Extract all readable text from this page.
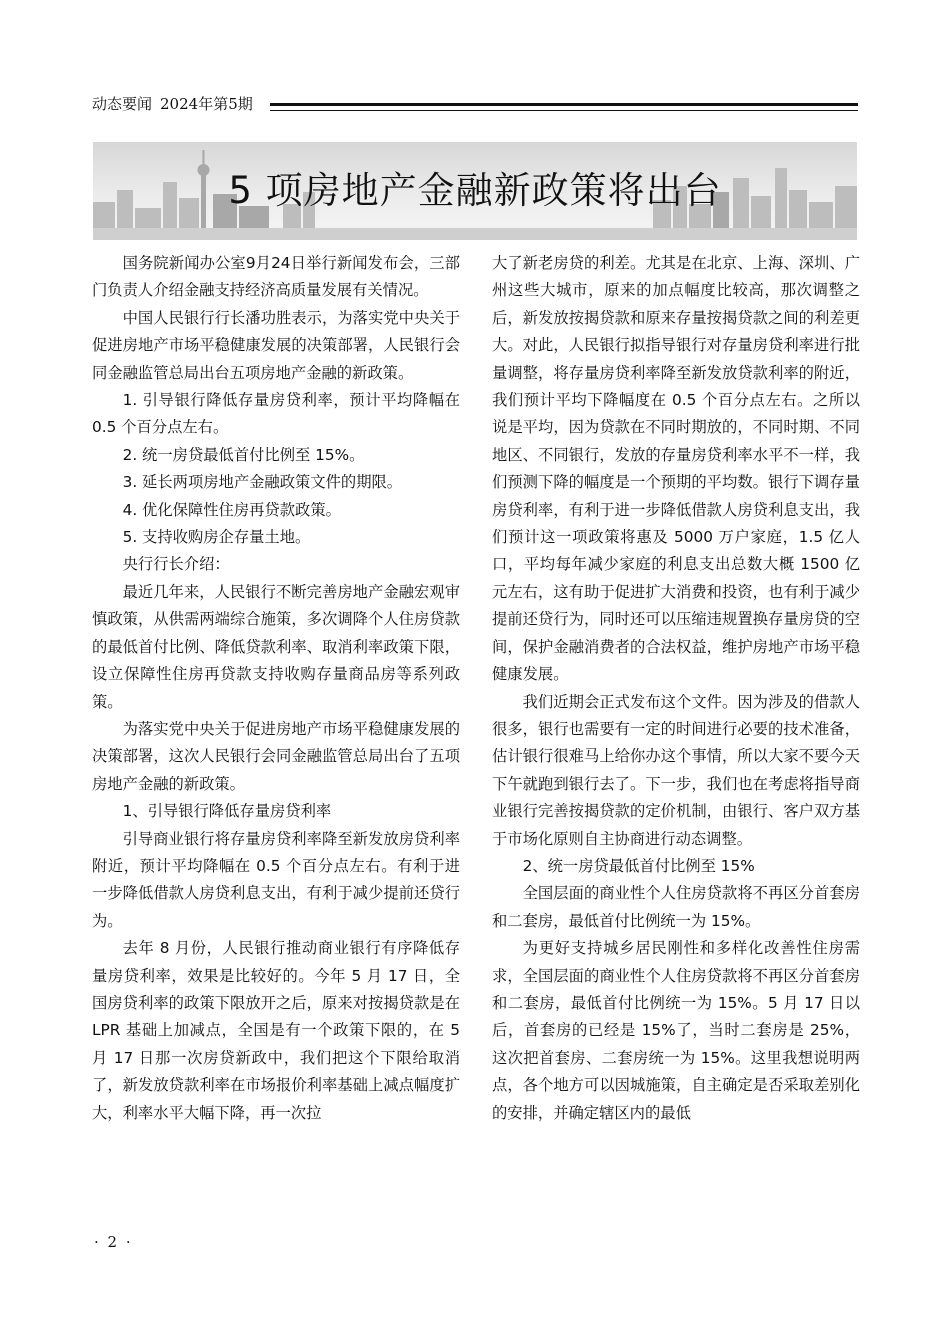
动态要闻 2024年第5期
5 项房地产金融新政策将出台

国务院新闻办公室9月24日举行新闻发布会，三部门负责人介绍金融支持经济高质量发展有关情况。

中国人民银行行长潘功胜表示，为落实党中央关于促进房地产市场平稳健康发展的决策部署，人民银行会同金融监管总局出台五项房地产金融的新政策。

1. 引导银行降低存量房贷利率，预计平均降幅在 0.5 个百分点左右。

2. 统一房贷最低首付比例至 15%。

3. 延长两项房地产金融政策文件的期限。

4. 优化保障性住房再贷款政策。

5. 支持收购房企存量土地。

央行行长介绍：

最近几年来，人民银行不断完善房地产金融宏观审慎政策，从供需两端综合施策，多次调降个人住房贷款的最低首付比例、降低贷款利率、取消利率政策下限，设立保障性住房再贷款支持收购存量商品房等系列政策。

为落实党中央关于促进房地产市场平稳健康发展的决策部署，这次人民银行会同金融监管总局出台了五项房地产金融的新政策。

1、引导银行降低存量房贷利率

引导商业银行将存量房贷利率降至新发放房贷利率附近，预计平均降幅在 0.5 个百分点左右。有利于进一步降低借款人房贷利息支出，有利于减少提前还贷行为。

去年 8 月份，人民银行推动商业银行有序降低存量房贷利率，效果是比较好的。今年 5 月 17 日，全国房贷利率的政策下限放开之后，原来对按揭贷款是在 LPR 基础上加减点，全国是有一个政策下限的，在 5 月 17 日那一次房贷新政中，我们把这个下限给取消了，新发放贷款利率在市场报价利率基础上减点幅度扩大，利率水平大幅下降，再一次拉

大了新老房贷的利差。尤其是在北京、上海、深圳、广州这些大城市，原来的加点幅度比较高，那次调整之后，新发放按揭贷款和原来存量按揭贷款之间的利差更大。对此，人民银行拟指导银行对存量房贷利率进行批量调整，将存量房贷利率降至新发放贷款利率的附近，我们预计平均下降幅度在 0.5 个百分点左右。之所以说是平均，因为贷款在不同时期放的，不同时期、不同地区、不同银行，发放的存量房贷利率水平不一样，我们预测下降的幅度是一个预期的平均数。银行下调存量房贷利率，有利于进一步降低借款人房贷利息支出，我们预计这一项政策将惠及 5000 万户家庭，1.5 亿人口，平均每年减少家庭的利息支出总数大概 1500 亿元左右，这有助于促进扩大消费和投资，也有利于减少提前还贷行为，同时还可以压缩违规置换存量房贷的空间，保护金融消费者的合法权益，维护房地产市场平稳健康发展。

我们近期会正式发布这个文件。因为涉及的借款人很多，银行也需要有一定的时间进行必要的技术准备，估计银行很难马上给你办这个事情，所以大家不要今天下午就跑到银行去了。下一步，我们也在考虑将指导商业银行完善按揭贷款的定价机制，由银行、客户双方基于市场化原则自主协商进行动态调整。

2、统一房贷最低首付比例至 15%

全国层面的商业性个人住房贷款将不再区分首套房和二套房，最低首付比例统一为 15%。

为更好支持城乡居民刚性和多样化改善性住房需求，全国层面的商业性个人住房贷款将不再区分首套房和二套房，最低首付比例统一为 15%。5 月 17 日以后，首套房的已经是 15%了，当时二套房是 25%，这次把首套房、二套房统一为 15%。这里我想说明两点，各个地方可以因城施策，自主确定是否采取差别化的安排，并确定辖区内的最低

· 2 ·
